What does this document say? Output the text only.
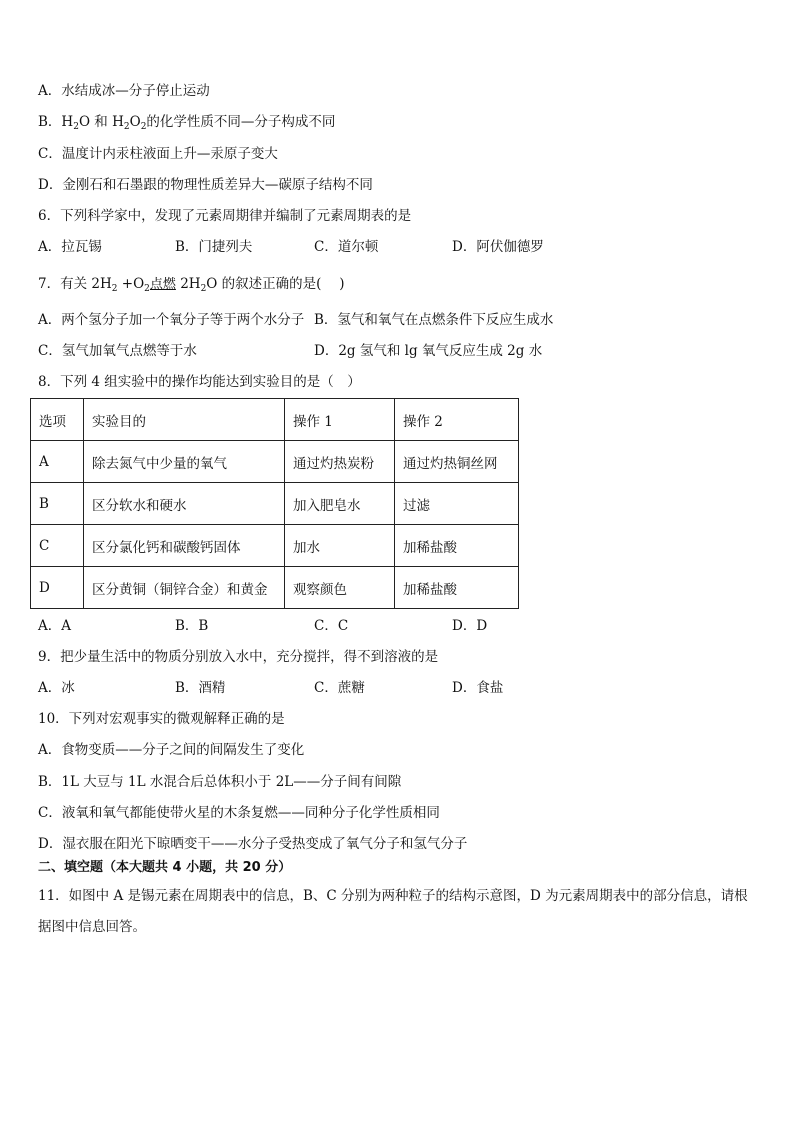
A．水结成冰—分子停止运动
B．$H_2O$ 和 $H_2O_2$的化学性质不同—分子构成不同
C．温度计内汞柱液面上升—汞原子变大
D．金刚石和石墨跟的物理性质差异大—碳原子结构不同
6．下列科学家中，发现了元素周期律并编制了元素周期表的是
A．拉瓦锡	B．门捷列夫	C．道尔顿	D．阿伏伽德罗
7．有关 $2H_2 +O_2$点燃 $2H_2O$ 的叙述正确的是(　 )
A．两个氢分子加一个氧分子等于两个水分子 B．氢气和氧气在点燃条件下反应生成水
C．氢气加氧气点燃等于水	D．2g 氢气和 lg 氧气反应生成 2g 水
8．下列 4 组实验中的操作均能达到实验目的是（　）
选项	实验目的	操作 1	操作 2
A	除去氮气中少量的氧气	通过灼热炭粉	通过灼热铜丝网
B	区分软水和硬水	加入肥皂水	过滤
C	区分氯化钙和碳酸钙固体	加水	加稀盐酸
D	区分黄铜（铜锌合金）和黄金	观察颜色	加稀盐酸
A．A	B．B	C．C	D．D
9．把少量生活中的物质分别放入水中，充分搅拌，得不到溶液的是
A．冰	B．酒精	C．蔗糖	D．食盐
10．下列对宏观事实的微观解释正确的是
A．食物变质——分子之间的间隔发生了变化
B．1L 大豆与 1L 水混合后总体积小于 2L——分子间有间隙
C．液氧和氧气都能使带火星的木条复燃——同种分子化学性质相同
D．湿衣服在阳光下晾晒变干——水分子受热变成了氧气分子和氢气分子
二、填空题（本大题共 4 小题，共 20 分）
11．如图中 A 是锡元素在周期表中的信息，B、C 分别为两种粒子的结构示意图，D 为元素周期表中的部分信息，请根
据图中信息回答。
